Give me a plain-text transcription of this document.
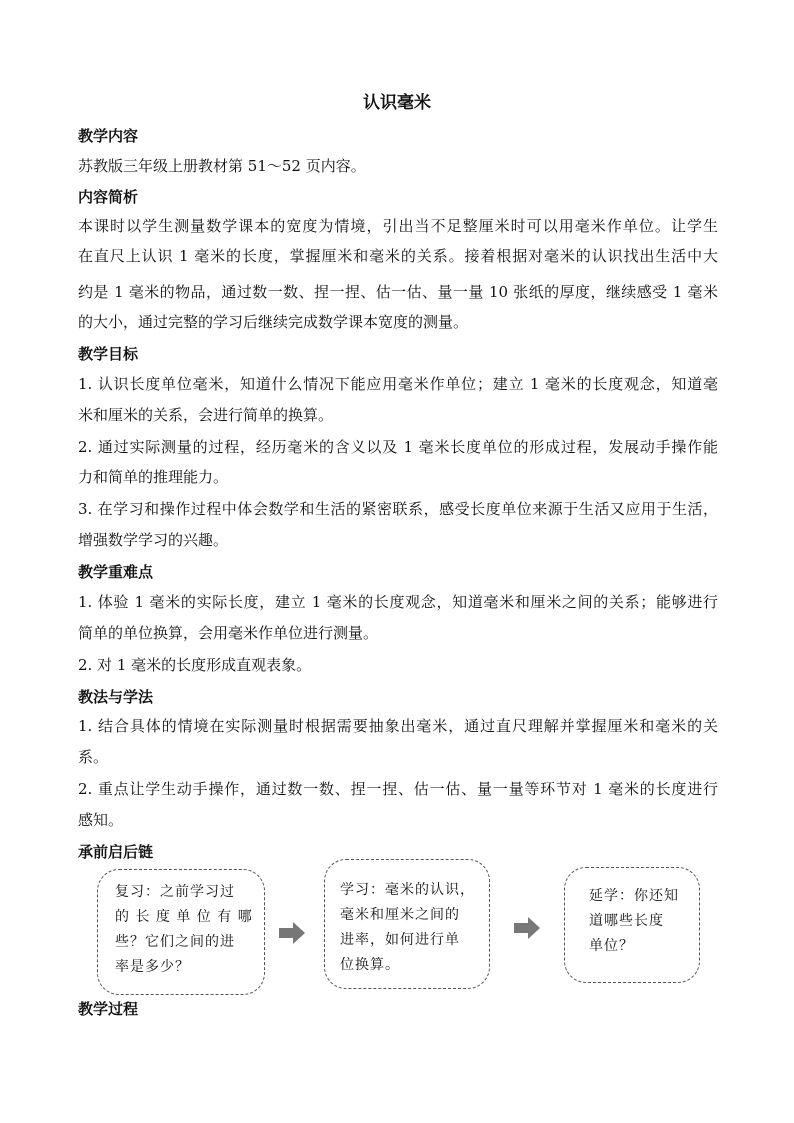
认识毫米
教学内容
苏教版三年级上册教材第 51～52 页内容。
内容简析
本课时以学生测量数学课本的宽度为情境，引出当不足整厘米时可以用毫米作单位。让学生
在直尺上认识 1 毫米的长度，掌握厘米和毫米的关系。接着根据对毫米的认识找出生活中大
约是 1 毫米的物品，通过数一数、捏一捏、估一估、量一量 10 张纸的厚度，继续感受 1 毫米
的大小，通过完整的学习后继续完成数学课本宽度的测量。
教学目标
1. 认识长度单位毫米，知道什么情况下能应用毫米作单位；建立 1 毫米的长度观念，知道毫
米和厘米的关系，会进行简单的换算。
2. 通过实际测量的过程，经历毫米的含义以及 1 毫米长度单位的形成过程，发展动手操作能
力和简单的推理能力。
3. 在学习和操作过程中体会数学和生活的紧密联系，感受长度单位来源于生活又应用于生活，
增强数学学习的兴趣。
教学重难点
1. 体验 1 毫米的实际长度，建立 1 毫米的长度观念，知道毫米和厘米之间的关系；能够进行
简单的单位换算，会用毫米作单位进行测量。
2. 对 1 毫米的长度形成直观表象。
教法与学法
1. 结合具体的情境在实际测量时根据需要抽象出毫米，通过直尺理解并掌握厘米和毫米的关
系。
2. 重点让学生动手操作，通过数一数、捏一捏、估一估、量一量等环节对 1 毫米的长度进行
感知。
承前启后链
复习：之前学习过
的 长 度 单 位 有 哪
些？它们之间的进
率是多少？
学习：毫米的认识，
毫米和厘米之间的
进率，如何进行单
位换算。
延学：你还知
道哪些长度
单位？
教学过程
